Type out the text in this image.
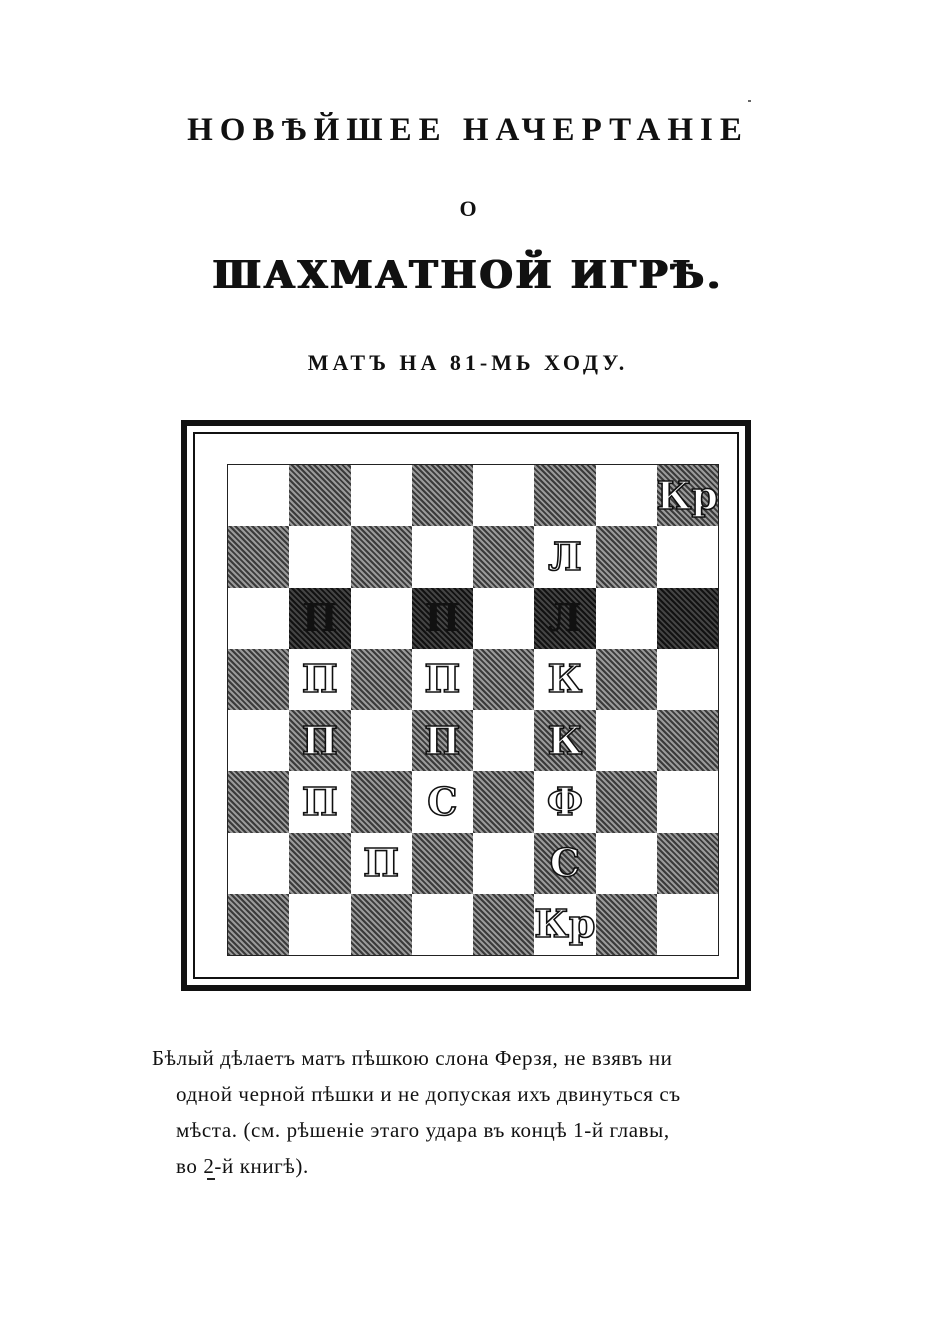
НОВѢЙШЕЕ НАЧЕРТАНІЕ
О
ШАХМАТНОЙ ИГРѢ.
МАТЪ НА 81-МЬ ХОДУ.
Кр
Л
П П Л
П П К
П П К
П С Ф
П	С
Кр
Бѣлый дѣлаетъ матъ пѣшкою слона Ферзя, не взявъ ни
одной черной пѣшки и не допуская ихъ двинуться съ
мѣста. (см. рѣшеніе этаго удара въ концѣ 1-й главы,
во 2-й книгѣ).
